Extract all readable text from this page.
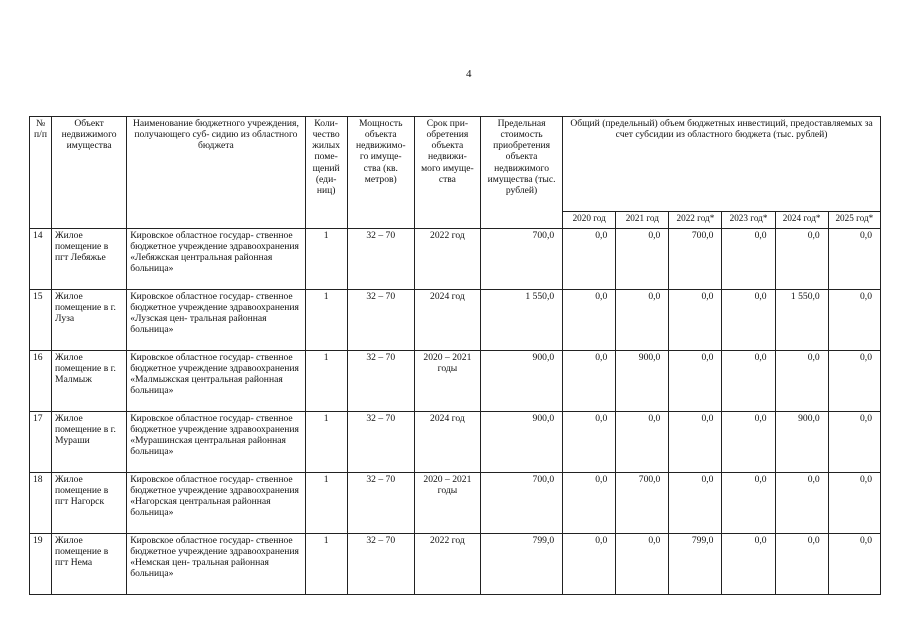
4
№ п/п	Объект недвижимого имущества	Наименование бюджетного учреждения, получающего суб- сидию из областного бюджета	Коли- чество жилых поме- щений (еди- ниц)	Мощность объекта недвижимо- го имуще- ства (кв. метров)	Срок при- обретения объекта недвижи- мого имуще- ства	Предельная стоимость приобретения объекта недвижимого имущества (тыс. рублей)	Общий (предельный) объем бюджетных инвестиций, предоставляемых за счет субсидии из областного бюджета (тыс. рублей)					
							2020 год	2021 год	2022 год*	2023 год*	2024 год*	2025 год*
14	Жилое помещение в пгт Лебяжье	Кировское областное государ- ственное бюджетное учреждение здравоохранения «Лебяжская центральная районная больница»	1	32 – 70	2022 год	700,0	0,0	0,0	700,0	0,0	0,0	0,0
15	Жилое помещение в г. Луза	Кировское областное государ- ственное бюджетное учреждение здравоохранения «Лузская цен- тральная районная больница»	1	32 – 70	2024 год	1 550,0	0,0	0,0	0,0	0,0	1 550,0	0,0
16	Жилое помещение в г. Малмыж	Кировское областное государ- ственное бюджетное учреждение здравоохранения «Малмыжская центральная районная больница»	1	32 – 70	2020 – 2021 годы	900,0	0,0	900,0	0,0	0,0	0,0	0,0
17	Жилое помещение в г. Мураши	Кировское областное государ- ственное бюджетное учреждение здравоохранения «Мурашинская центральная районная больница»	1	32 – 70	2024 год	900,0	0,0	0,0	0,0	0,0	900,0	0,0
18	Жилое помещение в пгт Нагорск	Кировское областное государ- ственное бюджетное учреждение здравоохранения «Нагорская центральная районная больница»	1	32 – 70	2020 – 2021 годы	700,0	0,0	700,0	0,0	0,0	0,0	0,0
19	Жилое помещение в пгт Нема	Кировское областное государ- ственное бюджетное учреждение здравоохранения «Немская цен- тральная районная больница»	1	32 – 70	2022 год	799,0	0,0	0,0	799,0	0,0	0,0	0,0
